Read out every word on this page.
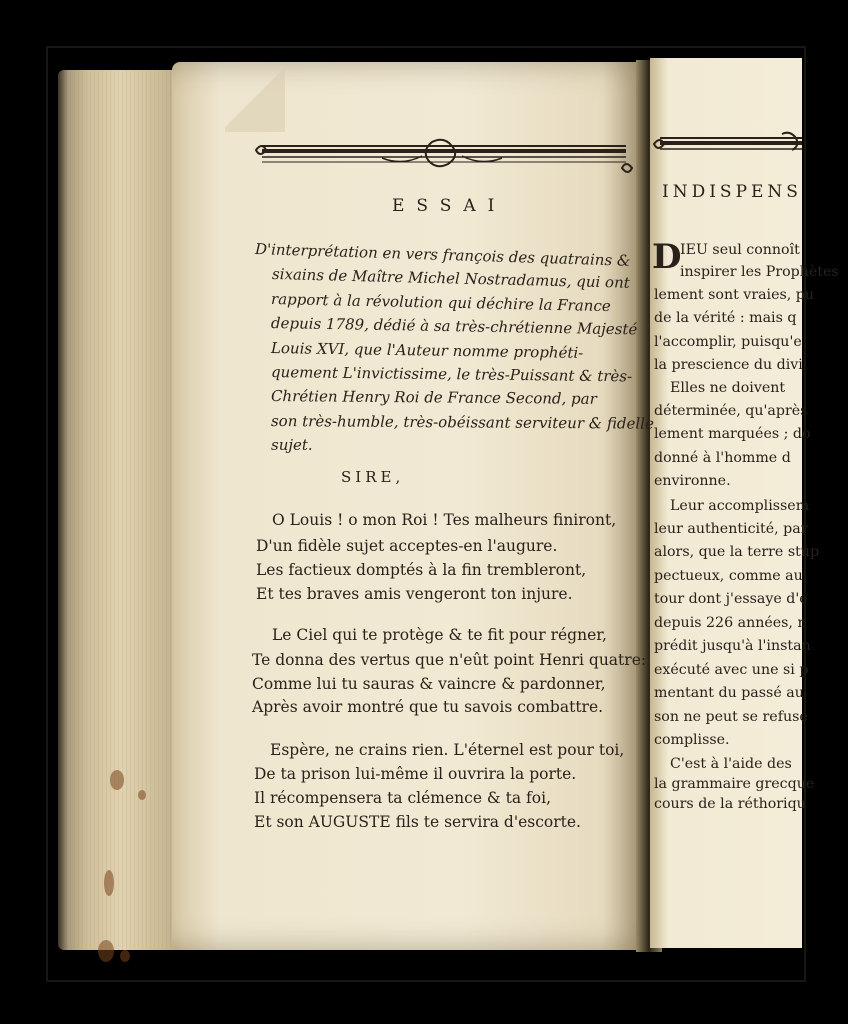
INDISPENS
D
IEU seul connoît
inspirer les Prophètes
lement sont vraies, pu
de la vérité : mais q
l'accomplir, puisqu'e
la prescience du divi
Elles ne doivent
déterminée, qu'après
lement marquées ; do
donné à l'homme d
environne.
Leur accomplissem
leur authenticité, par
alors, que la terre stup
pectueux, comme au
tour dont j'essaye d'e
depuis 226 années, n
prédit jusqu'à l'instan
exécuté avec une si p
mentant du passé au
son ne peut se refuse
complisse.
C'est à l'aide des
la grammaire grecque
cours de la réthoriqu
ESSAI
D'interprétation en vers françois des quatrains &
sixains de Maître Michel Nostradamus, qui ont
rapport à la révolution qui déchire la France
depuis 1789, dédié à sa très-chrétienne Majesté
Louis XVI, que l'Auteur nomme prophéti-
quement L'invictissime, le très-Puissant & très-
Chrétien Henry Roi de France Second, par
son très-humble, très-obéissant serviteur & fidelle
sujet.
SIRE,
O Louis ! o mon Roi ! Tes malheurs finiront,
D'un fidèle sujet acceptes-en l'augure.
Les factieux domptés à la fin trembleront,
Et tes braves amis vengeront ton injure.
Le Ciel qui te protège & te fit pour régner,
Te donna des vertus que n'eût point Henri quatre:
Comme lui tu sauras & vaincre & pardonner,
Après avoir montré que tu savois combattre.
Espère, ne crains rien. L'éternel est pour toi,
De ta prison lui-même il ouvrira la porte.
Il récompensera ta clémence & ta foi,
Et son AUGUSTE fils te servira d'escorte.
